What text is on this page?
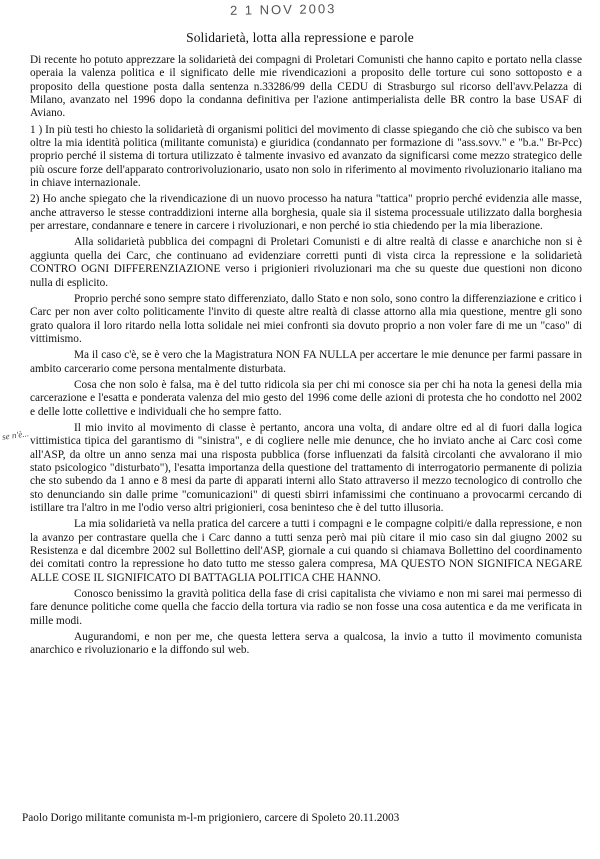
2 1 NOV 2003
Solidarietà, lotta alla repressione e parole
se n'è...

Di recente ho potuto apprezzare la solidarietà dei compagni di Proletari Comunisti che hanno capito e portato nella classe operaia la valenza politica e il significato delle mie rivendicazioni a proposito delle torture cui sono sottoposto e a proposito della questione posta dalla sentenza n.33286/99 della CEDU di Strasburgo sul ricorso dell'avv.Pelazza di Milano, avanzato nel 1996 dopo la condanna definitiva per l'azione antimperialista delle BR contro la base USAF di Aviano.

1 ) In più testi ho chiesto la solidarietà di organismi politici del movimento di classe spiegando che ciò che subisco va ben oltre la mia identità politica (militante comunista) e giuridica (condannato per formazione di "ass.sovv." e "b.a." Br-Pcc) proprio perché il sistema di tortura utilizzato è talmente invasivo ed avanzato da significarsi come mezzo strategico delle più oscure forze dell'apparato controrivoluzionario, usato non solo in riferimento al movimento rivoluzionario italiano ma in chiave internazionale.

2) Ho anche spiegato che la rivendicazione di un nuovo processo ha natura "tattica" proprio perché evidenzia alle masse, anche attraverso le stesse contraddizioni interne alla borghesia, quale sia il sistema processuale utilizzato dalla borghesia per arrestare, condannare e tenere in carcere i rivoluzionari, e non perché io stia chiedendo per la mia liberazione.

Alla solidarietà pubblica dei compagni di Proletari Comunisti e di altre realtà di classe e anarchiche non si è aggiunta quella dei Carc, che continuano ad evidenziare corretti punti di vista circa la repressione e la solidarietà CONTRO OGNI DIFFERENZIAZIONE verso i prigionieri rivoluzionari ma che su queste due questioni non dicono nulla di esplicito.

Proprio perché sono sempre stato differenziato, dallo Stato e non solo, sono contro la differenziazione e critico i Carc per non aver colto politicamente l'invito di queste altre realtà di classe attorno alla mia questione, mentre gli sono grato qualora il loro ritardo nella lotta solidale nei miei confronti sia dovuto proprio a non voler fare di me un "caso" di vittimismo.

Ma il caso c'è, se è vero che la Magistratura NON FA NULLA per accertare le mie denunce per farmi passare in ambito carcerario come persona mentalmente disturbata.

Cosa che non solo è falsa, ma è del tutto ridicola sia per chi mi conosce sia per chi ha nota la genesi della mia carcerazione e l'esatta e ponderata valenza del mio gesto del 1996 come delle azioni di protesta che ho condotto nel 2002 e delle lotte collettive e individuali che ho sempre fatto.

Il mio invito al movimento di classe è pertanto, ancora una volta, di andare oltre ed al di fuori dalla logica vittimistica tipica del garantismo di "sinistra", e di cogliere nelle mie denunce, che ho inviato anche ai Carc così come all'ASP, da oltre un anno senza mai una risposta pubblica (forse influenzati da falsità circolanti che avvalorano il mio stato psicologico "disturbato"), l'esatta importanza della questione del trattamento di interrogatorio permanente di polizia che sto subendo da 1 anno e 8 mesi da parte di apparati interni allo Stato attraverso il mezzo tecnologico di controllo che sto denunciando sin dalle prime "comunicazioni" di questi sbirri infamissimi che continuano a provocarmi cercando di istillare tra l'altro in me l'odio verso altri prigionieri, cosa beninteso che è del tutto illusoria.

La mia solidarietà va nella pratica del carcere a tutti i compagni e le compagne colpiti/e dalla repressione, e non la avanzo per contrastare quella che i Carc danno a tutti senza però mai più citare il mio caso sin dal giugno 2002 su Resistenza e dal dicembre 2002 sul Bollettino dell'ASP, giornale a cui quando si chiamava Bollettino del coordinamento dei comitati contro la repressione ho dato tutto me stesso galera compresa, MA QUESTO NON SIGNIFICA NEGARE ALLE COSE IL SIGNIFICATO DI BATTAGLIA POLITICA CHE HANNO.

Conosco benissimo la gravità politica della fase di crisi capitalista che viviamo e non mi sarei mai permesso di fare denunce politiche come quella che faccio della tortura via radio se non fosse una cosa autentica e da me verificata in mille modi.

Augurandomi, e non per me, che questa lettera serva a qualcosa, la invio a tutto il movimento comunista anarchico e rivoluzionario e la diffondo sul web.

Paolo Dorigo militante comunista m-l-m prigioniero, carcere di Spoleto 20.11.2003
